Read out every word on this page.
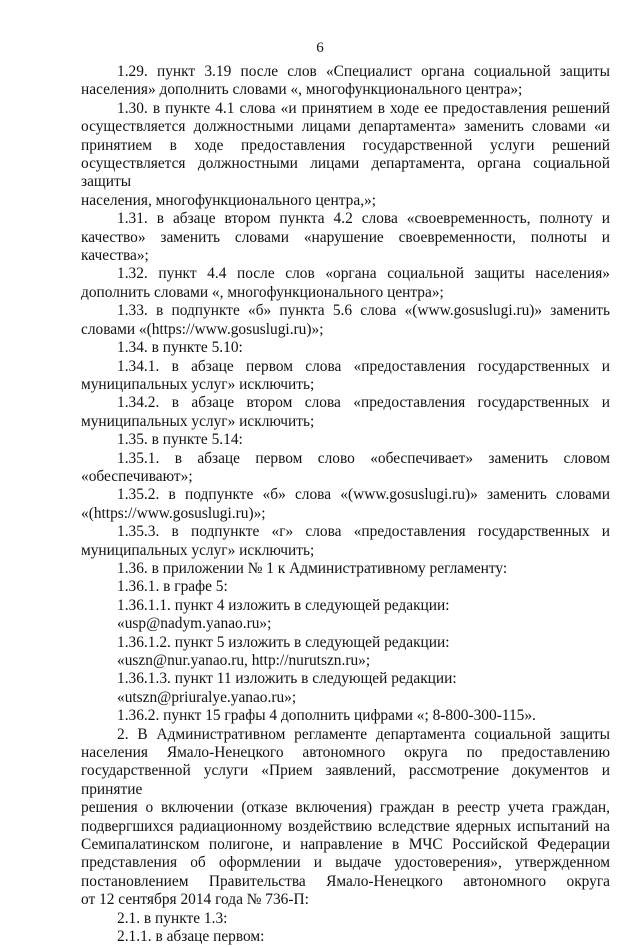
6
1.29. пункт 3.19 после слов «Специалист органа социальной защиты
населения» дополнить словами «, многофункционального центра»;
1.30. в пункте 4.1 слова «и принятием в ходе ее предоставления решений
осуществляется должностными лицами департамента» заменить словами «и
принятием в ходе предоставления государственной услуги решений
осуществляется должностными лицами департамента, органа социальной защиты
населения, многофункционального центра,»;
1.31. в абзаце втором пункта 4.2 слова «своевременность, полноту и
качество» заменить словами «нарушение своевременности, полноты и качества»;
1.32. пункт 4.4 после слов «органа социальной защиты населения»
дополнить словами «, многофункционального центра»;
1.33. в подпункте «б» пункта 5.6 слова «(www.gosuslugi.ru)» заменить
словами «(https://www.gosuslugi.ru)»;
1.34. в пункте 5.10:
1.34.1. в абзаце первом слова «предоставления государственных и
муниципальных услуг» исключить;
1.34.2. в абзаце втором слова «предоставления государственных и
муниципальных услуг» исключить;
1.35. в пункте 5.14:
1.35.1. в абзаце первом слово «обеспечивает» заменить словом
«обеспечивают»;
1.35.2. в подпункте «б» слова «(www.gosuslugi.ru)» заменить словами
«(https://www.gosuslugi.ru)»;
1.35.3. в подпункте «г» слова «предоставления государственных и
муниципальных услуг» исключить;
1.36. в приложении № 1 к Административному регламенту:
1.36.1. в графе 5:
1.36.1.1. пункт 4 изложить в следующей редакции:
«usp@nadym.yanao.ru»;
1.36.1.2. пункт 5 изложить в следующей редакции:
«uszn@nur.yanao.ru, http://nurutszn.ru»;
1.36.1.3. пункт 11 изложить в следующей редакции:
«utszn@priuralye.yanao.ru»;
1.36.2. пункт 15 графы 4 дополнить цифрами «; 8-800-300-115».
2. В Административном регламенте департамента социальной защиты
населения Ямало-Ненецкого автономного округа по предоставлению
государственной услуги «Прием заявлений, рассмотрение документов и принятие
решения о включении (отказе включения) граждан в реестр учета граждан,
подвергшихся радиационному воздействию вследствие ядерных испытаний на
Семипалатинском полигоне, и направление в МЧС Российской Федерации
представления об оформлении и выдаче удостоверения», утвержденном
постановлением Правительства Ямало-Ненецкого автономного округа
от 12 сентября 2014 года № 736-П:
2.1. в пункте 1.3:
2.1.1. в абзаце первом:
